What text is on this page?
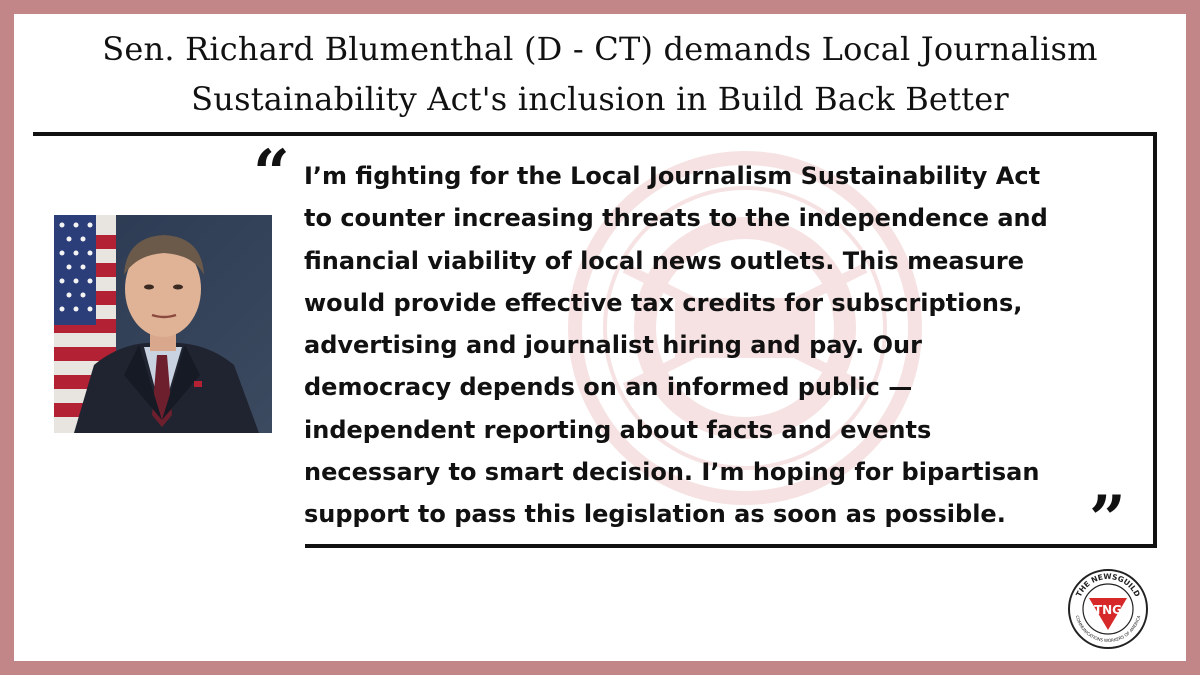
Sen. Richard Blumenthal (D - CT) demands Local Journalism
Sustainability Act's inclusion in Build Back Better
“ I’m fighting for the Local Journalism Sustainability Act
to counter increasing threats to the independence and
financial viability of local news outlets. This measure
would provide effective tax credits for subscriptions,
advertising and journalist hiring and pay. Our
democracy depends on an informed public —
independent reporting about facts and events
necessary to smart decision. I’m hoping for bipartisan
support to pass this legislation as soon as possible.	”
THE NEWSGUILD
COMMUNICATIONS WORKERS OF AMERICA
TNG
